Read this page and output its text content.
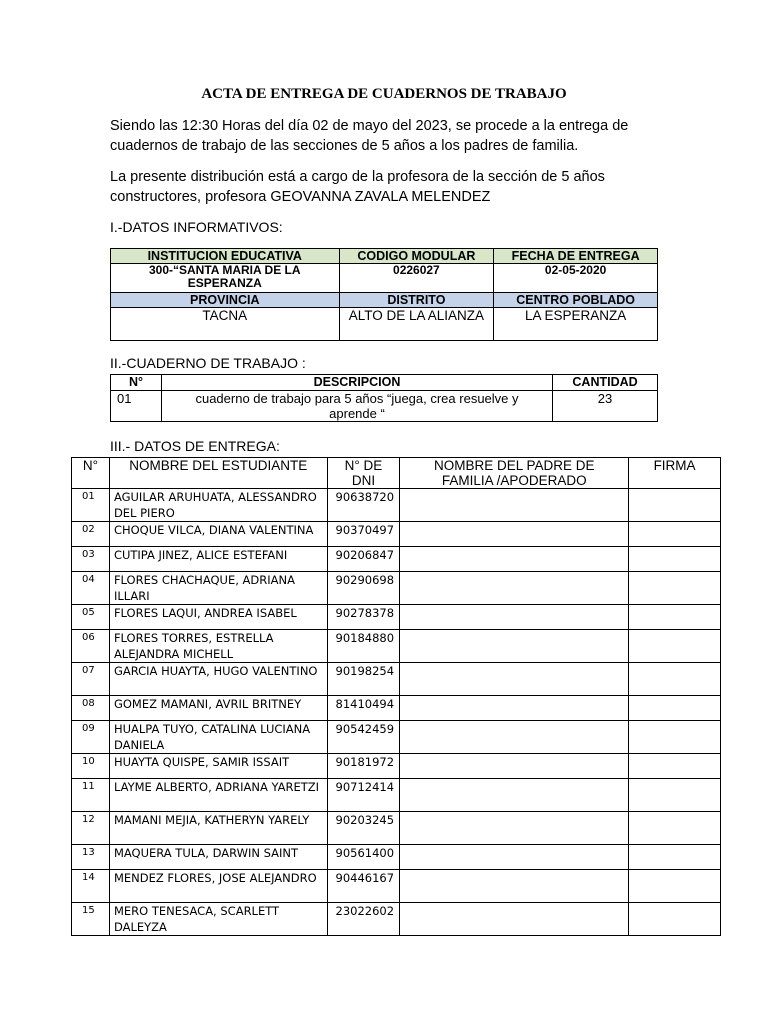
ACTA DE ENTREGA DE CUADERNOS DE TRABAJO
Siendo las 12:30 Horas del día 02 de mayo del 2023, se procede a la entrega de
cuadernos de trabajo de las secciones de 5 años a los padres de familia.
La presente distribución está a cargo de la profesora de la sección de 5 años
constructores, profesora GEOVANNA ZAVALA MELENDEZ
I.-DATOS INFORMATIVOS:
INSTITUCION EDUCATIVA	CODIGO MODULAR	FECHA DE ENTREGA
300-“SANTA MARIA DE LA ESPERANZA	0226027	02-05-2020
PROVINCIA	DISTRITO	CENTRO POBLADO
TACNA	ALTO DE LA ALIANZA	LA ESPERANZA
II.-CUADERNO DE TRABAJO :
N°	DESCRIPCION	CANTIDAD
01	cuaderno de trabajo para 5 años “juega, crea resuelve y aprende “	23
III.- DATOS DE ENTREGA:
N°	NOMBRE DEL ESTUDIANTE	N° DE DNI	NOMBRE DEL PADRE DE FAMILIA /APODERADO	FIRMA
01	AGUILAR ARUHUATA, ALESSANDRO DEL PIERO	90638720		
02	CHOQUE VILCA, DIANA VALENTINA	90370497		
03	CUTIPA JINEZ, ALICE ESTEFANI	90206847		
04	FLORES CHACHAQUE, ADRIANA ILLARI	90290698		
05	FLORES LAQUI, ANDREA ISABEL	90278378		
06	FLORES TORRES, ESTRELLA ALEJANDRA MICHELL	90184880		
07	GARCIA HUAYTA, HUGO VALENTINO	90198254		
08	GOMEZ MAMANI, AVRIL BRITNEY	81410494		
09	HUALPA TUYO, CATALINA LUCIANA DANIELA	90542459		
10	HUAYTA QUISPE, SAMIR ISSAIT	90181972		
11	LAYME ALBERTO, ADRIANA YARETZI	90712414		
12	MAMANI MEJIA, KATHERYN YARELY	90203245		
13	MAQUERA TULA, DARWIN SAINT	90561400		
14	MENDEZ FLORES, JOSE ALEJANDRO	90446167		
15	MERO TENESACA, SCARLETT DALEYZA	23022602		
